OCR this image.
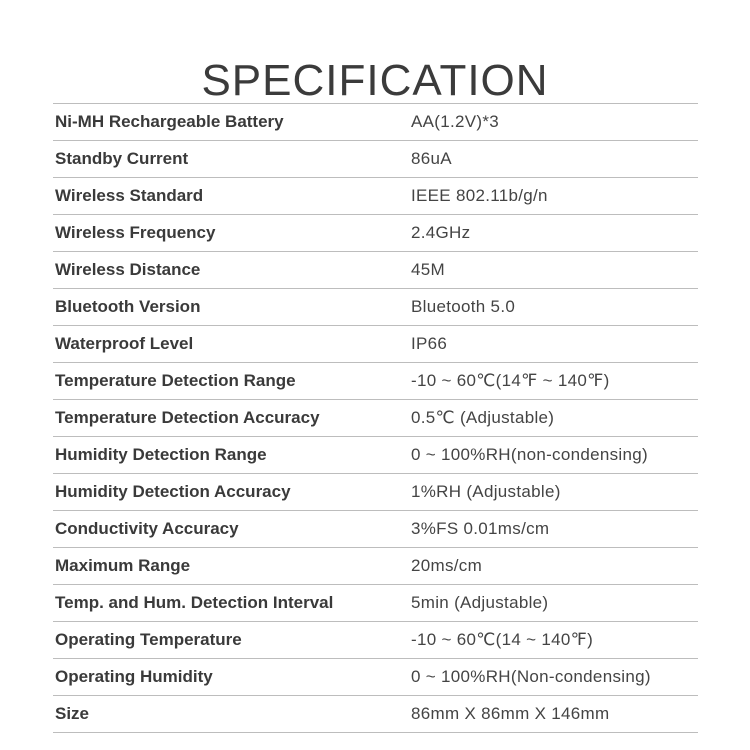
SPECIFICATION
Ni-MH Rechargeable Battery	AA(1.2V)*3
Standby Current	86uA
Wireless Standard	IEEE 802.11b/g/n
Wireless Frequency	2.4GHz
Wireless Distance	45M
Bluetooth Version	Bluetooth 5.0
Waterproof Level	IP66
Temperature Detection Range	-10 ~ 60℃(14℉ ~ 140℉)
Temperature Detection Accuracy	0.5℃ (Adjustable)
Humidity Detection Range	0 ~ 100%RH(non-condensing)
Humidity Detection Accuracy	1%RH (Adjustable)
Conductivity Accuracy	3%FS 0.01ms/cm
Maximum Range	20ms/cm
Temp. and Hum. Detection Interval	5min (Adjustable)
Operating Temperature	-10 ~ 60℃(14 ~ 140℉)
Operating Humidity	0 ~ 100%RH(Non-condensing)
Size	86mm X 86mm X 146mm
